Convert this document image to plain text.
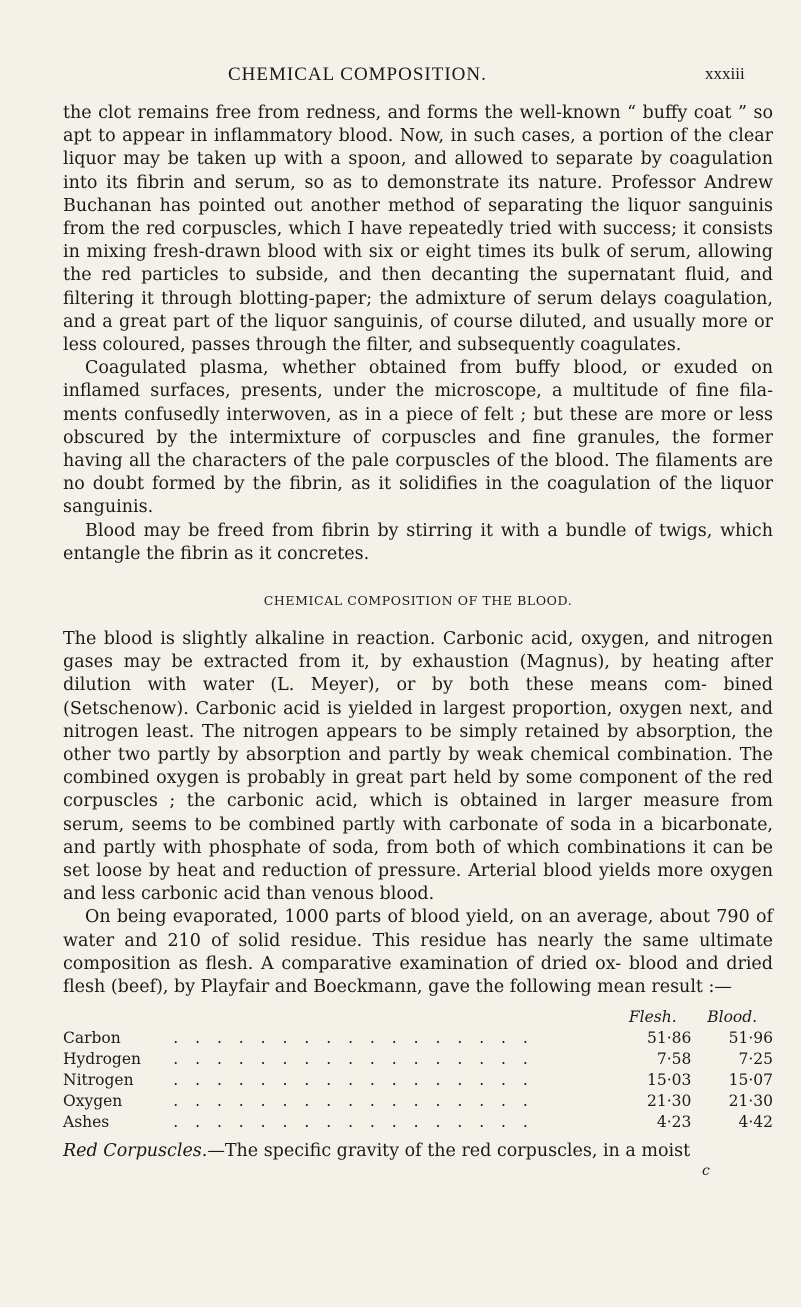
CHEMICAL COMPOSITION.	xxxiii

the clot remains free from redness, and forms the well-known “ buffy coat ” so apt to appear in inflammatory blood. Now, in such cases, a portion of the clear liquor may be taken up with a spoon, and allowed to separate by coagulation into its fibrin and serum, so as to demonstrate its nature. Professor Andrew Buchanan has pointed out another method of separating the liquor sanguinis from the red corpuscles, which I have repeatedly tried with success; it consists in mixing fresh-drawn blood with six or eight times its bulk of serum, allowing the red particles to subside, and then decanting the supernatant fluid, and filtering it through blotting-paper; the admixture of serum delays coagulation, and a great part of the liquor sanguinis, of course diluted, and usually more or less coloured, passes through the filter, and subsequently coagulates.

Coagulated plasma, whether obtained from buffy blood, or exuded on inflamed surfaces, presents, under the microscope, a multitude of fine fila- ments confusedly interwoven, as in a piece of felt ; but these are more or less obscured by the intermixture of corpuscles and fine granules, the former having all the characters of the pale corpuscles of the blood. The filaments are no doubt formed by the fibrin, as it solidifies in the coagulation of the liquor sanguinis.

Blood may be freed from fibrin by stirring it with a bundle of twigs, which entangle the fibrin as it concretes.

CHEMICAL COMPOSITION OF THE BLOOD.

The blood is slightly alkaline in reaction. Carbonic acid, oxygen, and nitrogen gases may be extracted from it, by exhaustion (Magnus), by heating after dilution with water (L. Meyer), or by both these means com- bined (Setschenow). Carbonic acid is yielded in largest proportion, oxygen next, and nitrogen least. The nitrogen appears to be simply retained by absorption, the other two partly by absorption and partly by weak chemical combination. The combined oxygen is probably in great part held by some component of the red corpuscles ; the carbonic acid, which is obtained in larger measure from serum, seems to be combined partly with carbonate of soda in a bicarbonate, and partly with phosphate of soda, from both of which combinations it can be set loose by heat and reduction of pressure. Arterial blood yields more oxygen and less carbonic acid than venous blood.

On being evaporated, 1000 parts of blood yield, on an average, about 790 of water and 210 of solid residue. This residue has nearly the same ultimate composition as flesh. A comparative examination of dried ox- blood and dried flesh (beef), by Playfair and Boeckmann, gave the following mean result :—

		Flesh.	Blood.
Carbon	. . . . . . . . . . . . . . . . .	51·86	51·96
Hydrogen	. . . . . . . . . . . . . . . . .	7·58	7·25
Nitrogen	. . . . . . . . . . . . . . . . .	15·03	15·07
Oxygen	. . . . . . . . . . . . . . . . .	21·30	21·30
Ashes	. . . . . . . . . . . . . . . . .	4·23	4·42
Red Corpuscles.—The specific gravity of the red corpuscles, in a moist
c
